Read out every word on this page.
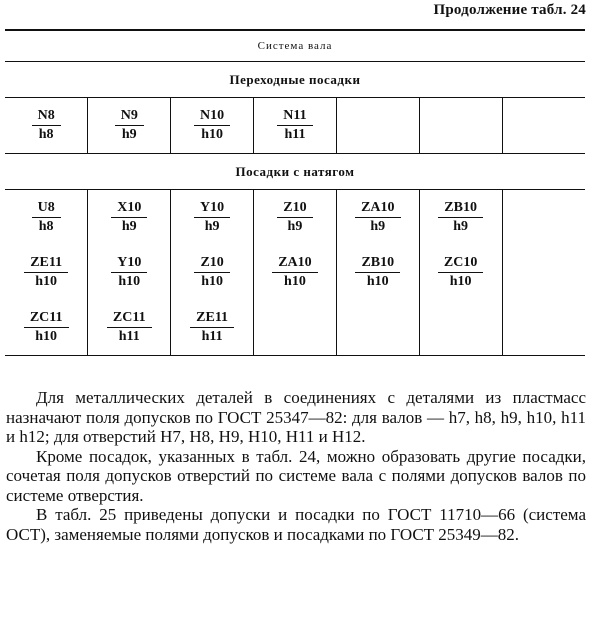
Продолжение табл. 24
Система вала						
Переходные посадки						

$\frac{N8}{h8}$	$\frac{N9}{h9}$	$\frac{N10}{h10}$	$\frac{N11}{h11}$

Посадки с натягом						

$\frac{U8}{h8}$	$\frac{X10}{h9}$	$\frac{Y10}{h9}$	$\frac{Z10}{h9}$	$\frac{ZA10}{h9}$	$\frac{ZB10}{h9}$

$\frac{ZE11}{h10}$	$\frac{Y10}{h10}$	$\frac{Z10}{h10}$	$\frac{ZA10}{h10}$	$\frac{ZB10}{h10}$	$\frac{ZC10}{h10}$

$\frac{ZC11}{h10}$	$\frac{ZC11}{h11}$	$\frac{ZE11}{h11}$

Для металлических деталей в соединениях с деталями из пластмасс назначают поля допусков по ГОСТ 25347—82: для валов — h7, h8, h9, h10, h11 и h12; для отверстий H7, H8, H9, H10, H11 и H12.

Кроме посадок, указанных в табл. 24, можно образовать другие посадки, сочетая поля допусков отверстий по системе вала с полями допусков валов по системе отверстия.

В табл. 25 приведены допуски и посадки по ГОСТ 11710—66 (система ОСТ), заменяемые полями допусков и посадками по ГОСТ 25349—82.
